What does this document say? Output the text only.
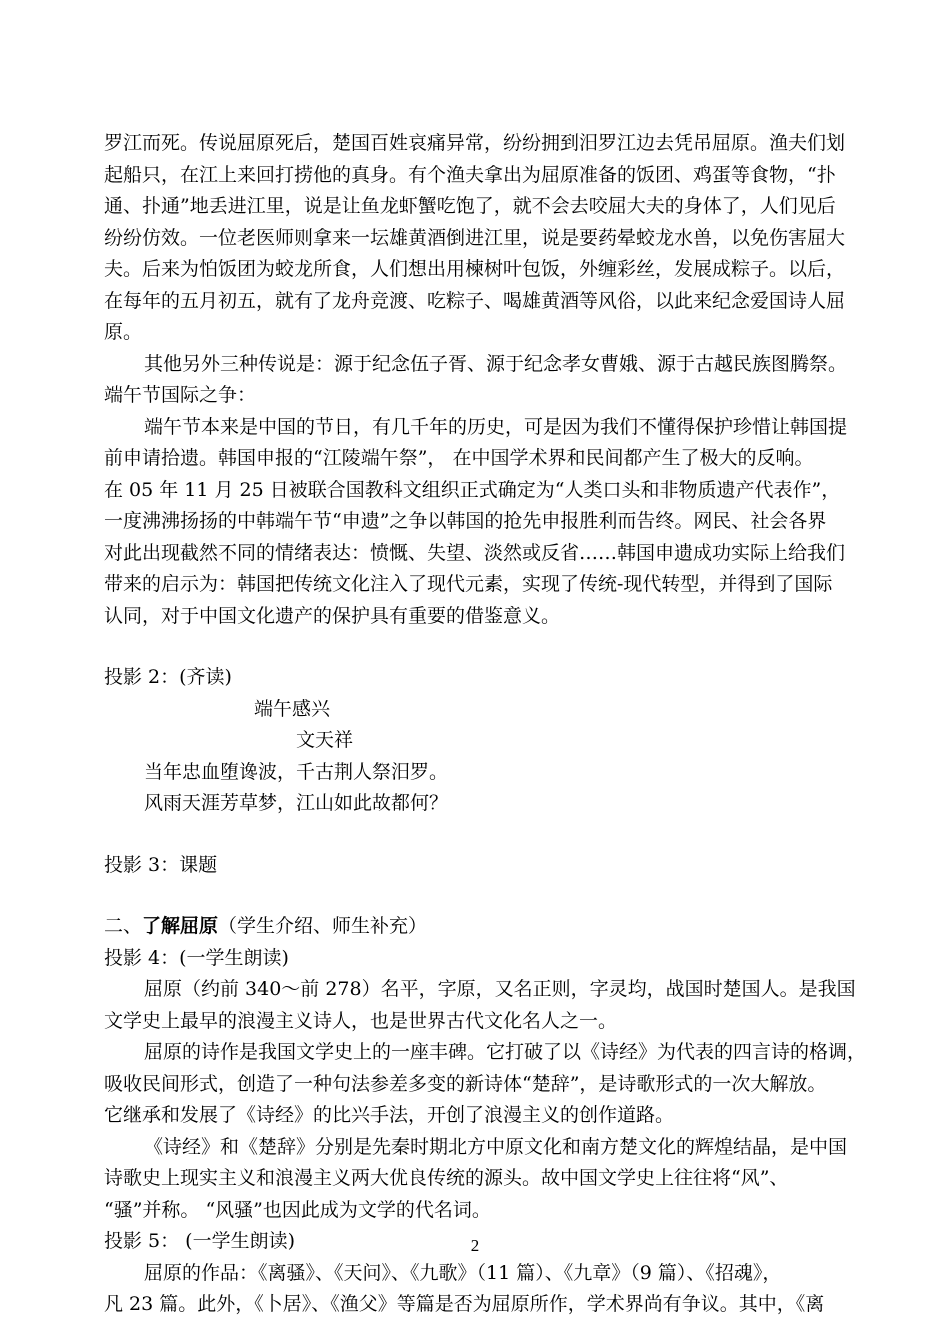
罗江而死。传说屈原死后，楚国百姓哀痛异常，纷纷拥到汨罗江边去凭吊屈原。渔夫们划
起船只，在江上来回打捞他的真身。有个渔夫拿出为屈原准备的饭团、鸡蛋等食物，“扑
通、扑通”地丢进江里，说是让鱼龙虾蟹吃饱了，就不会去咬屈大夫的身体了，人们见后
纷纷仿效。一位老医师则拿来一坛雄黄酒倒进江里，说是要药晕蛟龙水兽，以免伤害屈大
夫。后来为怕饭团为蛟龙所食，人们想出用楝树叶包饭，外缠彩丝，发展成粽子。以后，
在每年的五月初五，就有了龙舟竞渡、吃粽子、喝雄黄酒等风俗，以此来纪念爱国诗人屈
原。
其他另外三种传说是：源于纪念伍子胥、源于纪念孝女曹娥、源于古越民族图腾祭。
端午节国际之争：
端午节本来是中国的节日，有几千年的历史，可是因为我们不懂得保护珍惜让韩国提
前申请拾遗。韩国申报的“江陵端午祭”， 在中国学术界和民间都产生了极大的反响。
在 05 年 11 月 25 日被联合国教科文组织正式确定为“人类口头和非物质遗产代表作”，
一度沸沸扬扬的中韩端午节“申遗”之争以韩国的抢先申报胜利而告终。网民、社会各界
对此出现截然不同的情绪表达：愤慨、失望、淡然或反省……韩国申遗成功实际上给我们
带来的启示为：韩国把传统文化注入了现代元素，实现了传统-现代转型，并得到了国际
认同，对于中国文化遗产的保护具有重要的借鉴意义。
投影 2：(齐读)
端午感兴
文天祥
当年忠血堕谗波，千古荆人祭汨罗。
风雨天涯芳草梦，江山如此故都何？
投影 3：课题
二、了解屈原（学生介绍、师生补充）
投影 4：(一学生朗读)
屈原（约前 340～前 278）名平，字原，又名正则，字灵均，战国时楚国人。是我国
文学史上最早的浪漫主义诗人，也是世界古代文化名人之一。
屈原的诗作是我国文学史上的一座丰碑。它打破了以《诗经》为代表的四言诗的格调，
吸收民间形式，创造了一种句法参差多变的新诗体“楚辞”，是诗歌形式的一次大解放。
它继承和发展了《诗经》的比兴手法，开创了浪漫主义的创作道路。
《诗经》和《楚辞》分别是先秦时期北方中原文化和南方楚文化的辉煌结晶，是中国
诗歌史上现实主义和浪漫主义两大优良传统的源头。故中国文学史上往往将“风”、
“骚”并称。 “风骚”也因此成为文学的代名词。
投影 5： (一学生朗读)
屈原的作品：《离骚》、《天问》、《九歌》（11 篇）、《九章》（9 篇）、《招魂》，
凡 23 篇。此外，《卜居》、《渔父》等篇是否为屈原所作，学术界尚有争议。其中，《离
2
